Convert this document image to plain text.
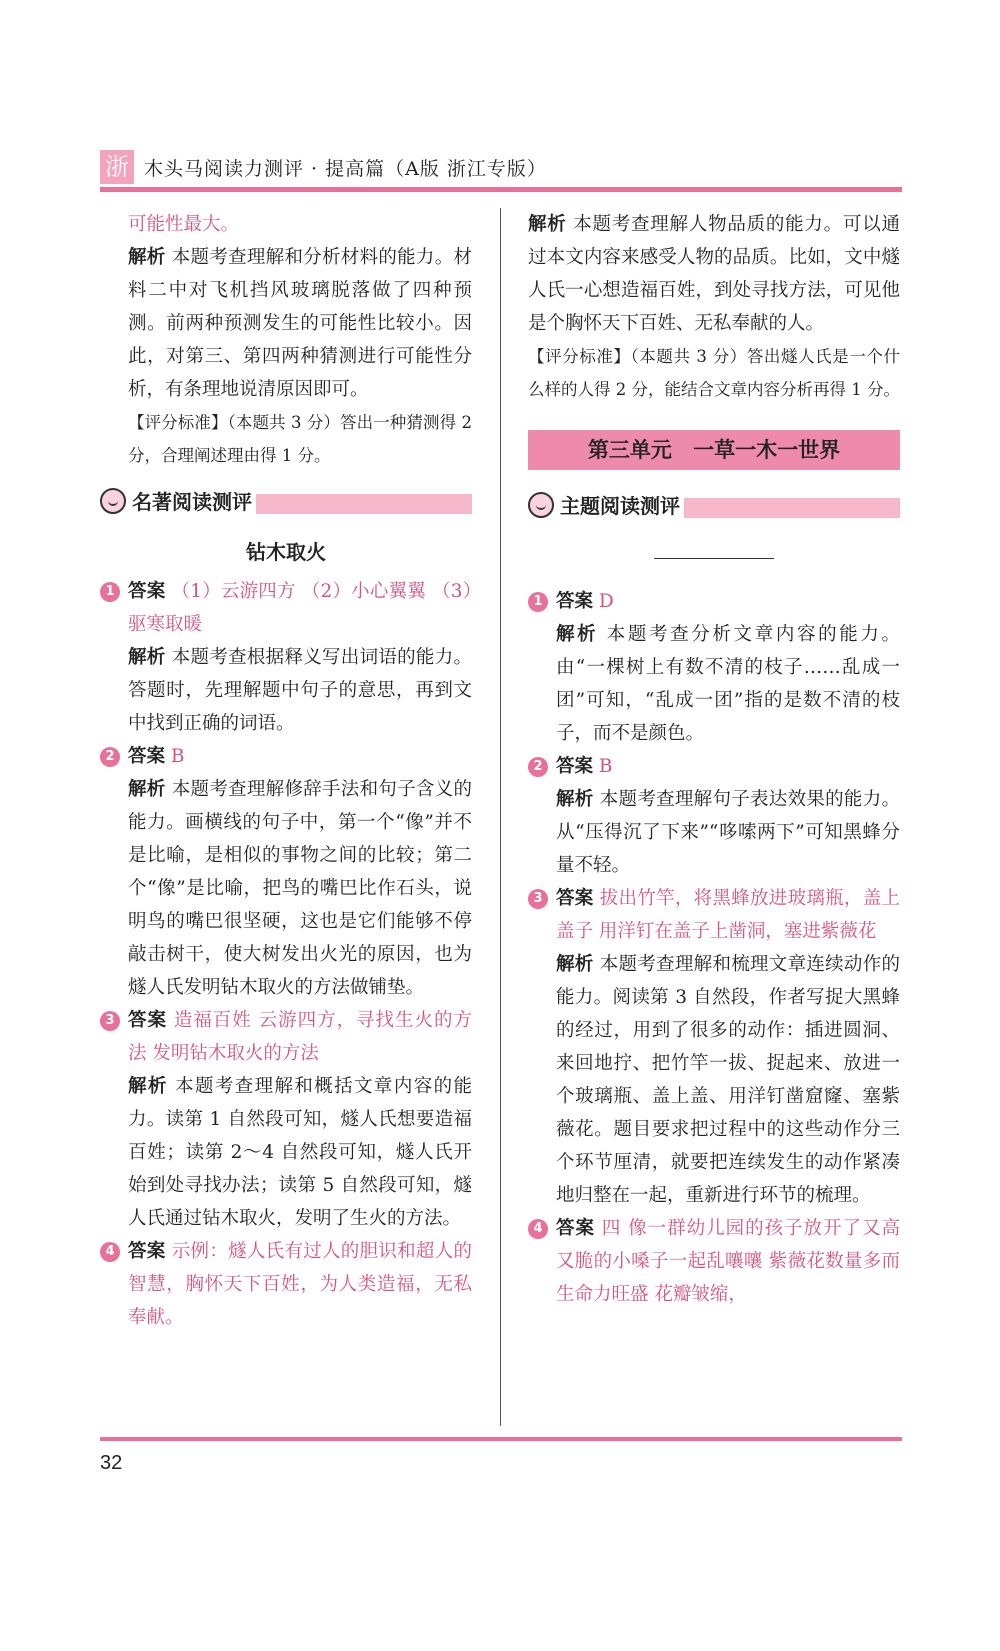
浙 木头马阅读力测评 · 提高篇（A版 浙江专版）

可能性最大。

解析 本题考查理解和分析材料的能力。材料二中对飞机挡风玻璃脱落做了四种预测。前两种预测发生的可能性比较小。因此，对第三、第四两种猜测进行可能性分析，有条理地说清原因即可。

【评分标准】（本题共 3 分）答出一种猜测得 2 分，合理阐述理由得 1 分。

名著阅读测评
钻木取火
1 答案 （1）云游四方 （2）小心翼翼 （3）驱寒取暖

解析 本题考查根据释义写出词语的能力。答题时，先理解题中句子的意思，再到文中找到正确的词语。

2 答案 B

解析 本题考查理解修辞手法和句子含义的能力。画横线的句子中，第一个“像”并不是比喻，是相似的事物之间的比较；第二个“像”是比喻，把鸟的嘴巴比作石头，说明鸟的嘴巴很坚硬，这也是它们能够不停敲击树干，使大树发出火光的原因，也为燧人氏发明钻木取火的方法做铺垫。

3 答案 造福百姓 云游四方，寻找生火的方法 发明钻木取火的方法

解析 本题考查理解和概括文章内容的能力。读第 1 自然段可知，燧人氏想要造福百姓；读第 2～4 自然段可知，燧人氏开始到处寻找办法；读第 5 自然段可知，燧人氏通过钻木取火，发明了生火的方法。

4 答案 示例：燧人氏有过人的胆识和超人的智慧，胸怀天下百姓，为人类造福，无私奉献。

解析 本题考查理解人物品质的能力。可以通过本文内容来感受人物的品质。比如，文中燧人氏一心想造福百姓，到处寻找方法，可见他是个胸怀天下百姓、无私奉献的人。

【评分标准】（本题共 3 分）答出燧人氏是一个什么样的人得 2 分，能结合文章内容分析再得 1 分。

第三单元 一草一木一世界
主题阅读测评
1 答案 D

解析 本题考查分析文章内容的能力。由“一棵树上有数不清的枝子……乱成一团”可知，“乱成一团”指的是数不清的枝子，而不是颜色。

2 答案 B

解析 本题考查理解句子表达效果的能力。从“压得沉了下来”“哆嗦两下”可知黑蜂分量不轻。

3 答案 拔出竹竿，将黑蜂放进玻璃瓶，盖上盖子 用洋钉在盖子上凿洞，塞进紫薇花

解析 本题考查理解和梳理文章连续动作的能力。阅读第 3 自然段，作者写捉大黑蜂的经过，用到了很多的动作：插进圆洞、来回地拧、把竹竿一拔、捉起来、放进一个玻璃瓶、盖上盖、用洋钉凿窟窿、塞紫薇花。题目要求把过程中的这些动作分三个环节厘清，就要把连续发生的动作紧凑地归整在一起，重新进行环节的梳理。

4 答案 四 像一群幼儿园的孩子放开了又高又脆的小嗓子一起乱嚷嚷 紫薇花数量多而生命力旺盛 花瓣皱缩，

32
